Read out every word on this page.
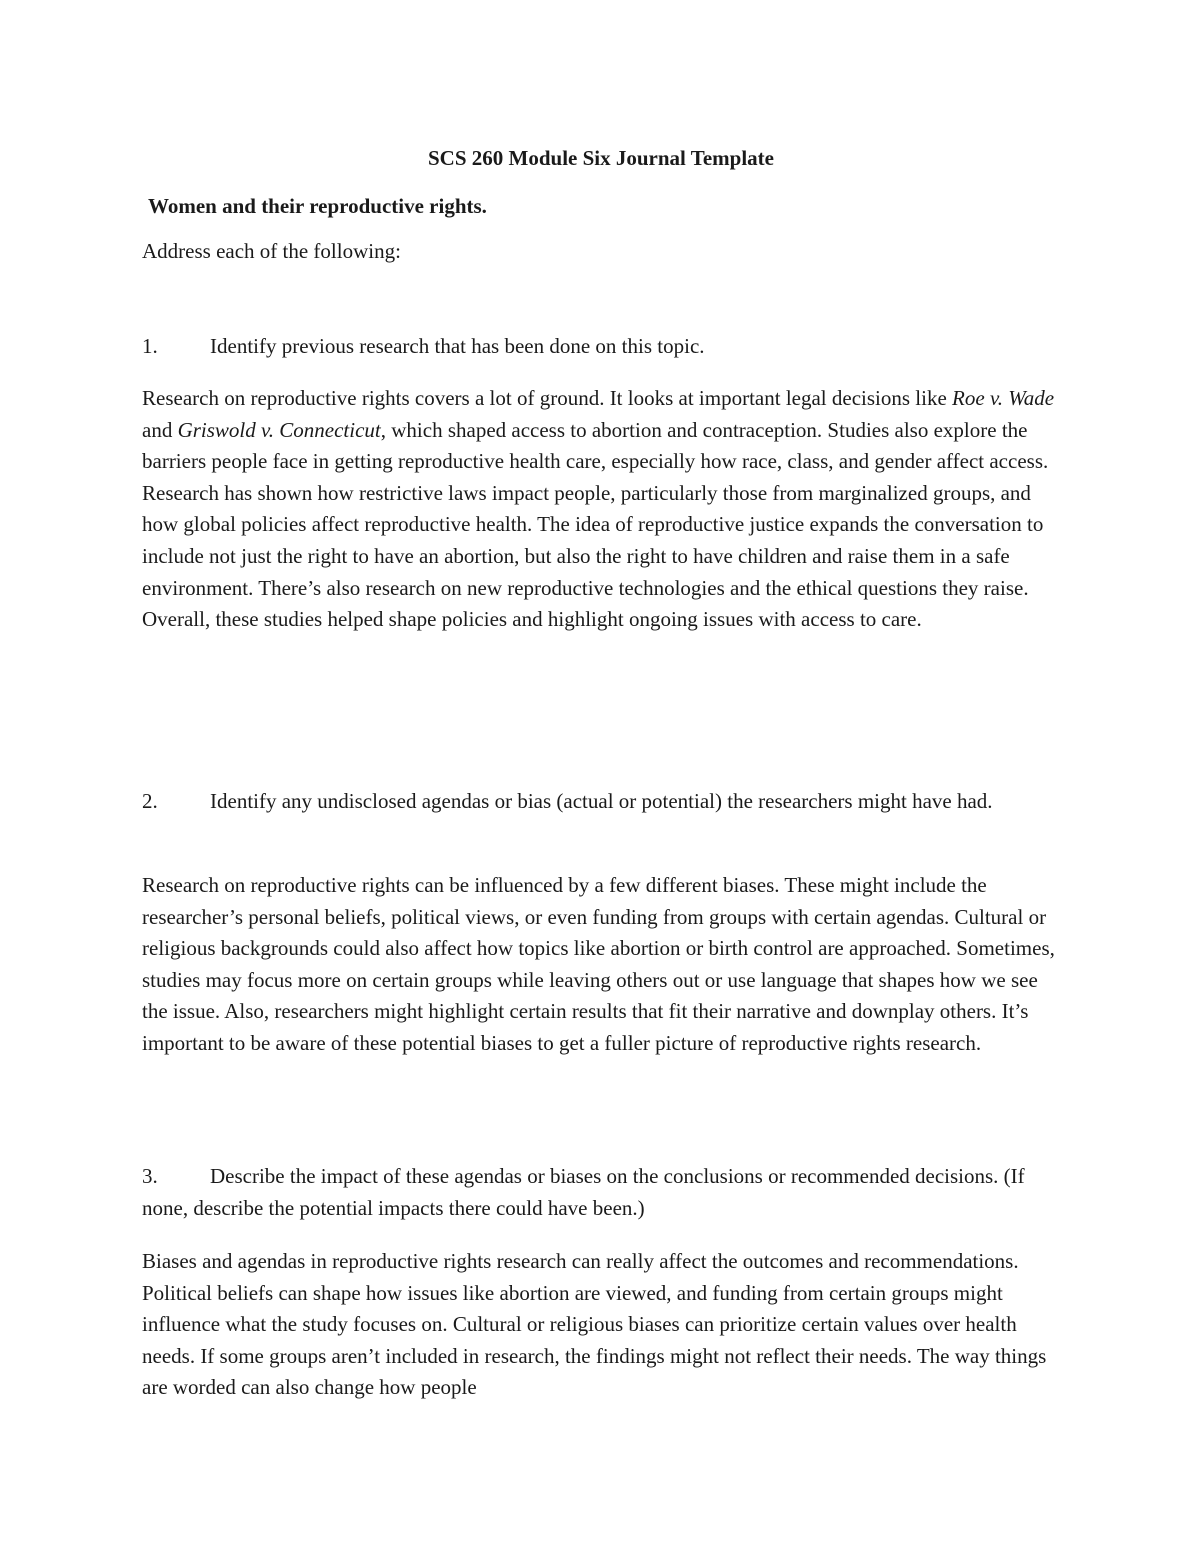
SCS 260 Module Six Journal Template

Women and their reproductive rights.

Address each of the following:

1. Identify previous research that has been done on this topic.

Research on reproductive rights covers a lot of ground. It looks at important legal decisions like Roe v. Wade and Griswold v. Connecticut, which shaped access to abortion and contraception. Studies also explore the barriers people face in getting reproductive health care, especially how race, class, and gender affect access. Research has shown how restrictive laws impact people, particularly those from marginalized groups, and how global policies affect reproductive health. The idea of reproductive justice expands the conversation to include not just the right to have an abortion, but also the right to have children and raise them in a safe environment. There’s also research on new reproductive technologies and the ethical questions they raise. Overall, these studies helped shape policies and highlight ongoing issues with access to care.

2. Identify any undisclosed agendas or bias (actual or potential) the researchers might have had.

Research on reproductive rights can be influenced by a few different biases. These might include the researcher’s personal beliefs, political views, or even funding from groups with certain agendas. Cultural or religious backgrounds could also affect how topics like abortion or birth control are approached. Sometimes, studies may focus more on certain groups while leaving others out or use language that shapes how we see the issue. Also, researchers might highlight certain results that fit their narrative and downplay others. It’s important to be aware of these potential biases to get a fuller picture of reproductive rights research.

3. Describe the impact of these agendas or biases on the conclusions or recommended decisions. (If none, describe the potential impacts there could have been.)

Biases and agendas in reproductive rights research can really affect the outcomes and recommendations. Political beliefs can shape how issues like abortion are viewed, and funding from certain groups might influence what the study focuses on. Cultural or religious biases can prioritize certain values over health needs. If some groups aren’t included in research, the findings might not reflect their needs. The way things are worded can also change how people
